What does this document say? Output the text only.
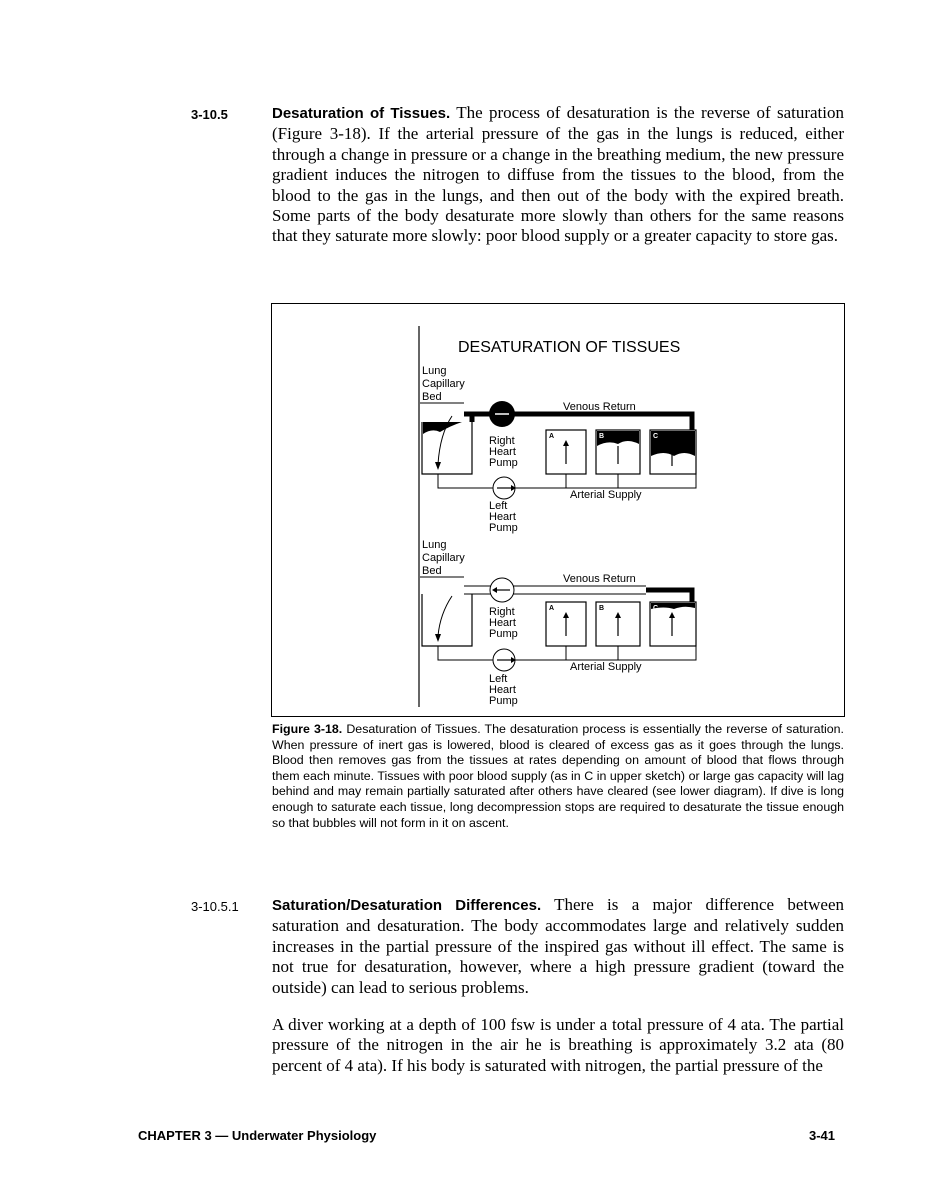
3-10.5	Desaturation of Tissues. The process of desaturation is the reverse of saturation (Figure 3-18). If the arterial pressure of the gas in the lungs is reduced, either through a change in pressure or a change in the breathing medium, the new pressure gradient induces the nitrogen to diffuse from the tissues to the blood, from the blood to the gas in the lungs, and then out of the body with the expired breath. Some parts of the body desaturate more slowly than others for the same reasons that they saturate more slowly: poor blood supply or a greater capacity to store gas.
DESATURATION OF TISSUES
Lung
Capillary
Bed
Venous Return
Right
Heart
Pump
A	B	C
Arterial Supply
Left
Heart
Pump
Lung
Capillary
Bed
Venous Return
Right
Heart
Pump
A	B	C
Arterial Supply
Left
Heart
Pump
Figure 3-18. Desaturation of Tissues. The desaturation process is essentially the reverse of saturation. When pressure of inert gas is lowered, blood is cleared of excess gas as it goes through the lungs. Blood then removes gas from the tissues at rates depending on amount of blood that flows through them each minute. Tissues with poor blood supply (as in C in upper sketch) or large gas capacity will lag behind and may remain partially saturated after others have cleared (see lower diagram). If dive is long enough to saturate each tissue, long decompression stops are required to desaturate the tissue enough so that bubbles will not form in it on ascent.
3-10.5.1 Saturation/Desaturation Differences. There is a major difference between saturation and desaturation. The body accommodates large and relatively sudden increases in the partial pressure of the inspired gas without ill effect. The same is not true for desaturation, however, where a high pressure gradient (toward the outside) can lead to serious problems.
A diver working at a depth of 100 fsw is under a total pressure of 4 ata. The partial pressure of the nitrogen in the air he is breathing is approximately 3.2 ata (80 percent of 4 ata). If his body is saturated with nitrogen, the partial pressure of the
CHAPTER 3 — Underwater Physiology	3-41
